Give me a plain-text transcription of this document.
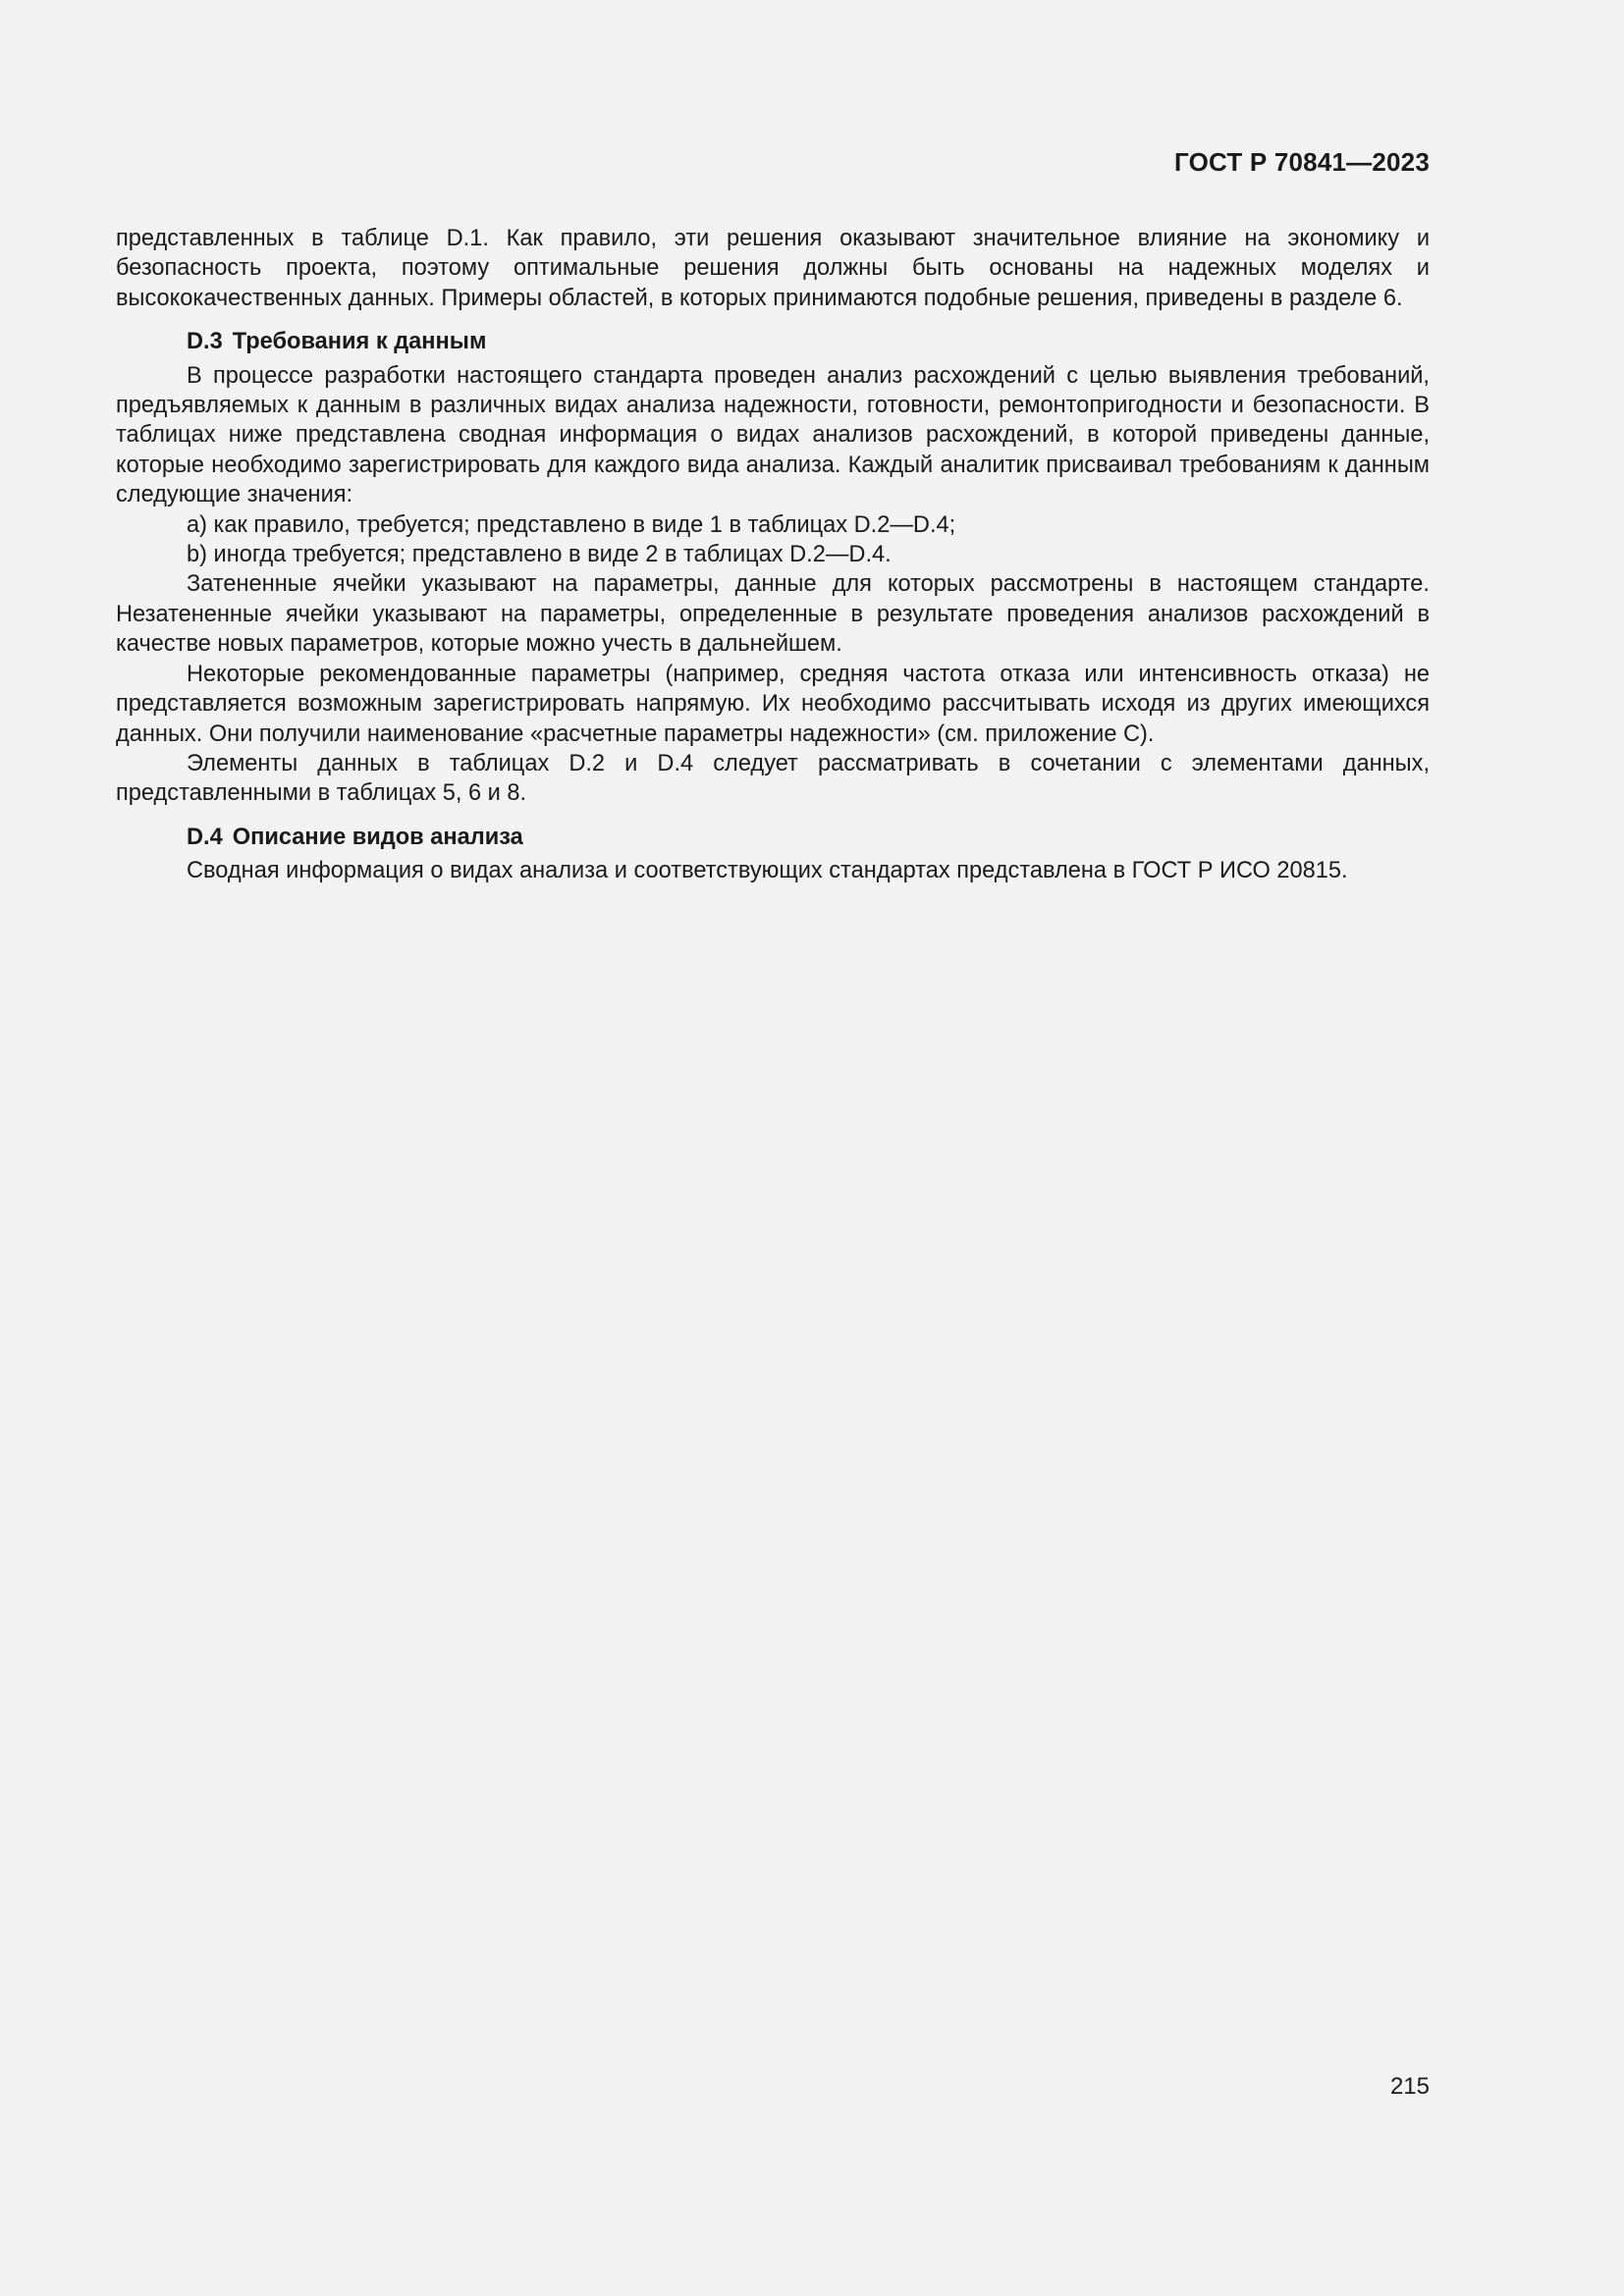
ГОСТ Р 70841—2023

представленных в таблице D.1. Как правило, эти решения оказывают значительное влияние на экономику и безопасность проекта, поэтому оптимальные решения должны быть основаны на надежных моделях и высококачественных данных. Примеры областей, в которых принимаются подобные решения, приведены в разделе 6.

D.3 Требования к данным

В процессе разработки настоящего стандарта проведен анализ расхождений с целью выявления требований, предъявляемых к данным в различных видах анализа надежности, готовности, ремонтопригодности и безопасности. В таблицах ниже представлена сводная информация о видах анализов расхождений, в которой приведены данные, которые необходимо зарегистрировать для каждого вида анализа. Каждый аналитик присваивал требованиям к данным следующие значения:

a) как правило, требуется; представлено в виде 1 в таблицах D.2—D.4;

b) иногда требуется; представлено в виде 2 в таблицах D.2—D.4.

Затененные ячейки указывают на параметры, данные для которых рассмотрены в настоящем стандарте. Незатененные ячейки указывают на параметры, определенные в результате проведения анализов расхождений в качестве новых параметров, которые можно учесть в дальнейшем.

Некоторые рекомендованные параметры (например, средняя частота отказа или интенсивность отказа) не представляется возможным зарегистрировать напрямую. Их необходимо рассчитывать исходя из других имеющихся данных. Они получили наименование «расчетные параметры надежности» (см. приложение С).

Элементы данных в таблицах D.2 и D.4 следует рассматривать в сочетании с элементами данных, представленными в таблицах 5, 6 и 8.

D.4 Описание видов анализа

Сводная информация о видах анализа и соответствующих стандартах представлена в ГОСТ Р ИСО 20815.

215
